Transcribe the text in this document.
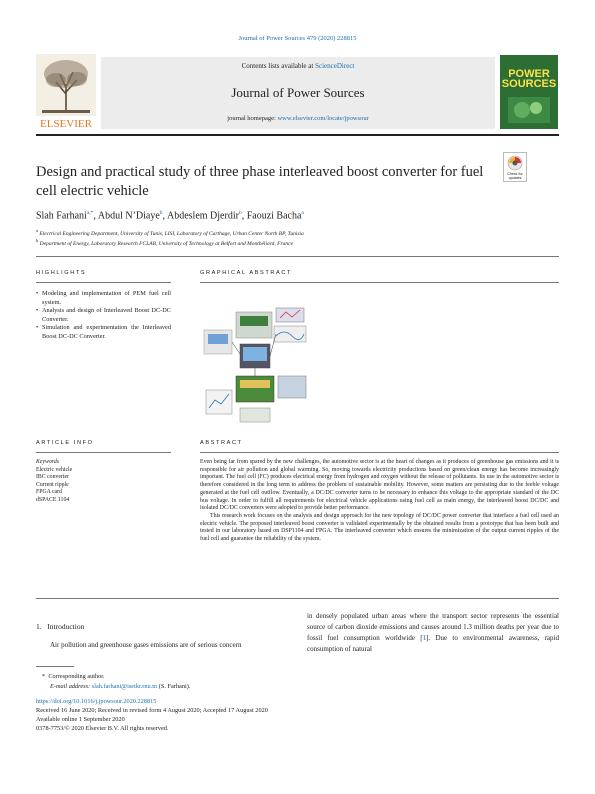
Journal of Power Sources 479 (2020) 228815
ELSEVIER
Contents lists available at ScienceDirect
Journal of Power Sources
journal homepage: www.elsevier.com/locate/jpowsour
POWER SOURCES
Check for updates
Design and practical study of three phase interleaved boost converter for fuel cell electric vehicle
Slah Farhani$^{a,*}$, Abdul N’Diaye$^b$, Abdeslem Djerdir$^b$, Faouzi Bacha$^a$
$^a$ Electrical Engineering Department, University of Tunis, LISI, Laboratory of Carthage, Urban Center North BP, Tunisia
$^b$ Department of Energy, Laboratory Research FCLAB, University of Technology at Belfort and Montbéliard, France
HIGHLIGHTS	GRAPHICAL ABSTRACT
• Modeling and implementation of PEM fuel cell system.
• Analysis and design of Interleaved Boost DC-DC Converter.
• Simulation and experimentation the Interleaved Boost DC-DC Converter.
ARTICLE INFO	ABSTRACT
Keywords
Electric vehicle
IBC converter
Current ripple
FPGA card
dSPACE 1104

Even being far from spared by the new challenges, the automotive sector is at the heart of changes as it produces of greenhouse gas emissions and it is responsible for air pollution and global warming. So, moving towards electricity productions based on green/clean energy has become increasingly important. The fuel cell (FC) produces electrical energy from hydrogen and oxygen without the release of pollutants. Its use in the automotive sector is therefore considered in the long term to address the problem of sustainable mobility. However, some matters are persisting due to the feeble voltage generated at the fuel cell outflow. Eventually, a DC/DC converter turns to be necessary to enhance this voltage to the appropriate standard of the DC bus voltage. In order to fulfill all requirements for electrical vehicle applications using fuel cell as main energy, the interleaved boost DC/DC and isolated DC/DC converters were adopted to provide better performance.

This research work focuses on the analysis and design approach for the new topology of DC/DC power converter that interface a fuel cell used an electric vehicle. The proposed interleaved boost converter is validated experimentally by the obtained results from a prototype that has been built and tested in our laboratory based on DSP1104 and FPGA. The interleaved converter which ensures the minimization of the output current ripples of the fuel cell and guarantee the reliability of the system.

1. Introduction
Air pollution and greenhouse gases emissions are of serious concern
in densely populated urban areas where the transport sector represents the essential source of carbon dioxide emissions and causes around 1.3 million deaths per year due to fossil fuel consumption worldwide [1]. Due to environmental awareness, rapid consumption of natural
* Corresponding author.
E-mail address: slah.farhani@isetkr.rnu.tn (S. Farhani).
https://doi.org/10.1016/j.jpowsour.2020.228815
Received 16 June 2020; Received in revised form 4 August 2020; Accepted 17 August 2020
Available online 1 September 2020
0378-7753/© 2020 Elsevier B.V. All rights reserved.
